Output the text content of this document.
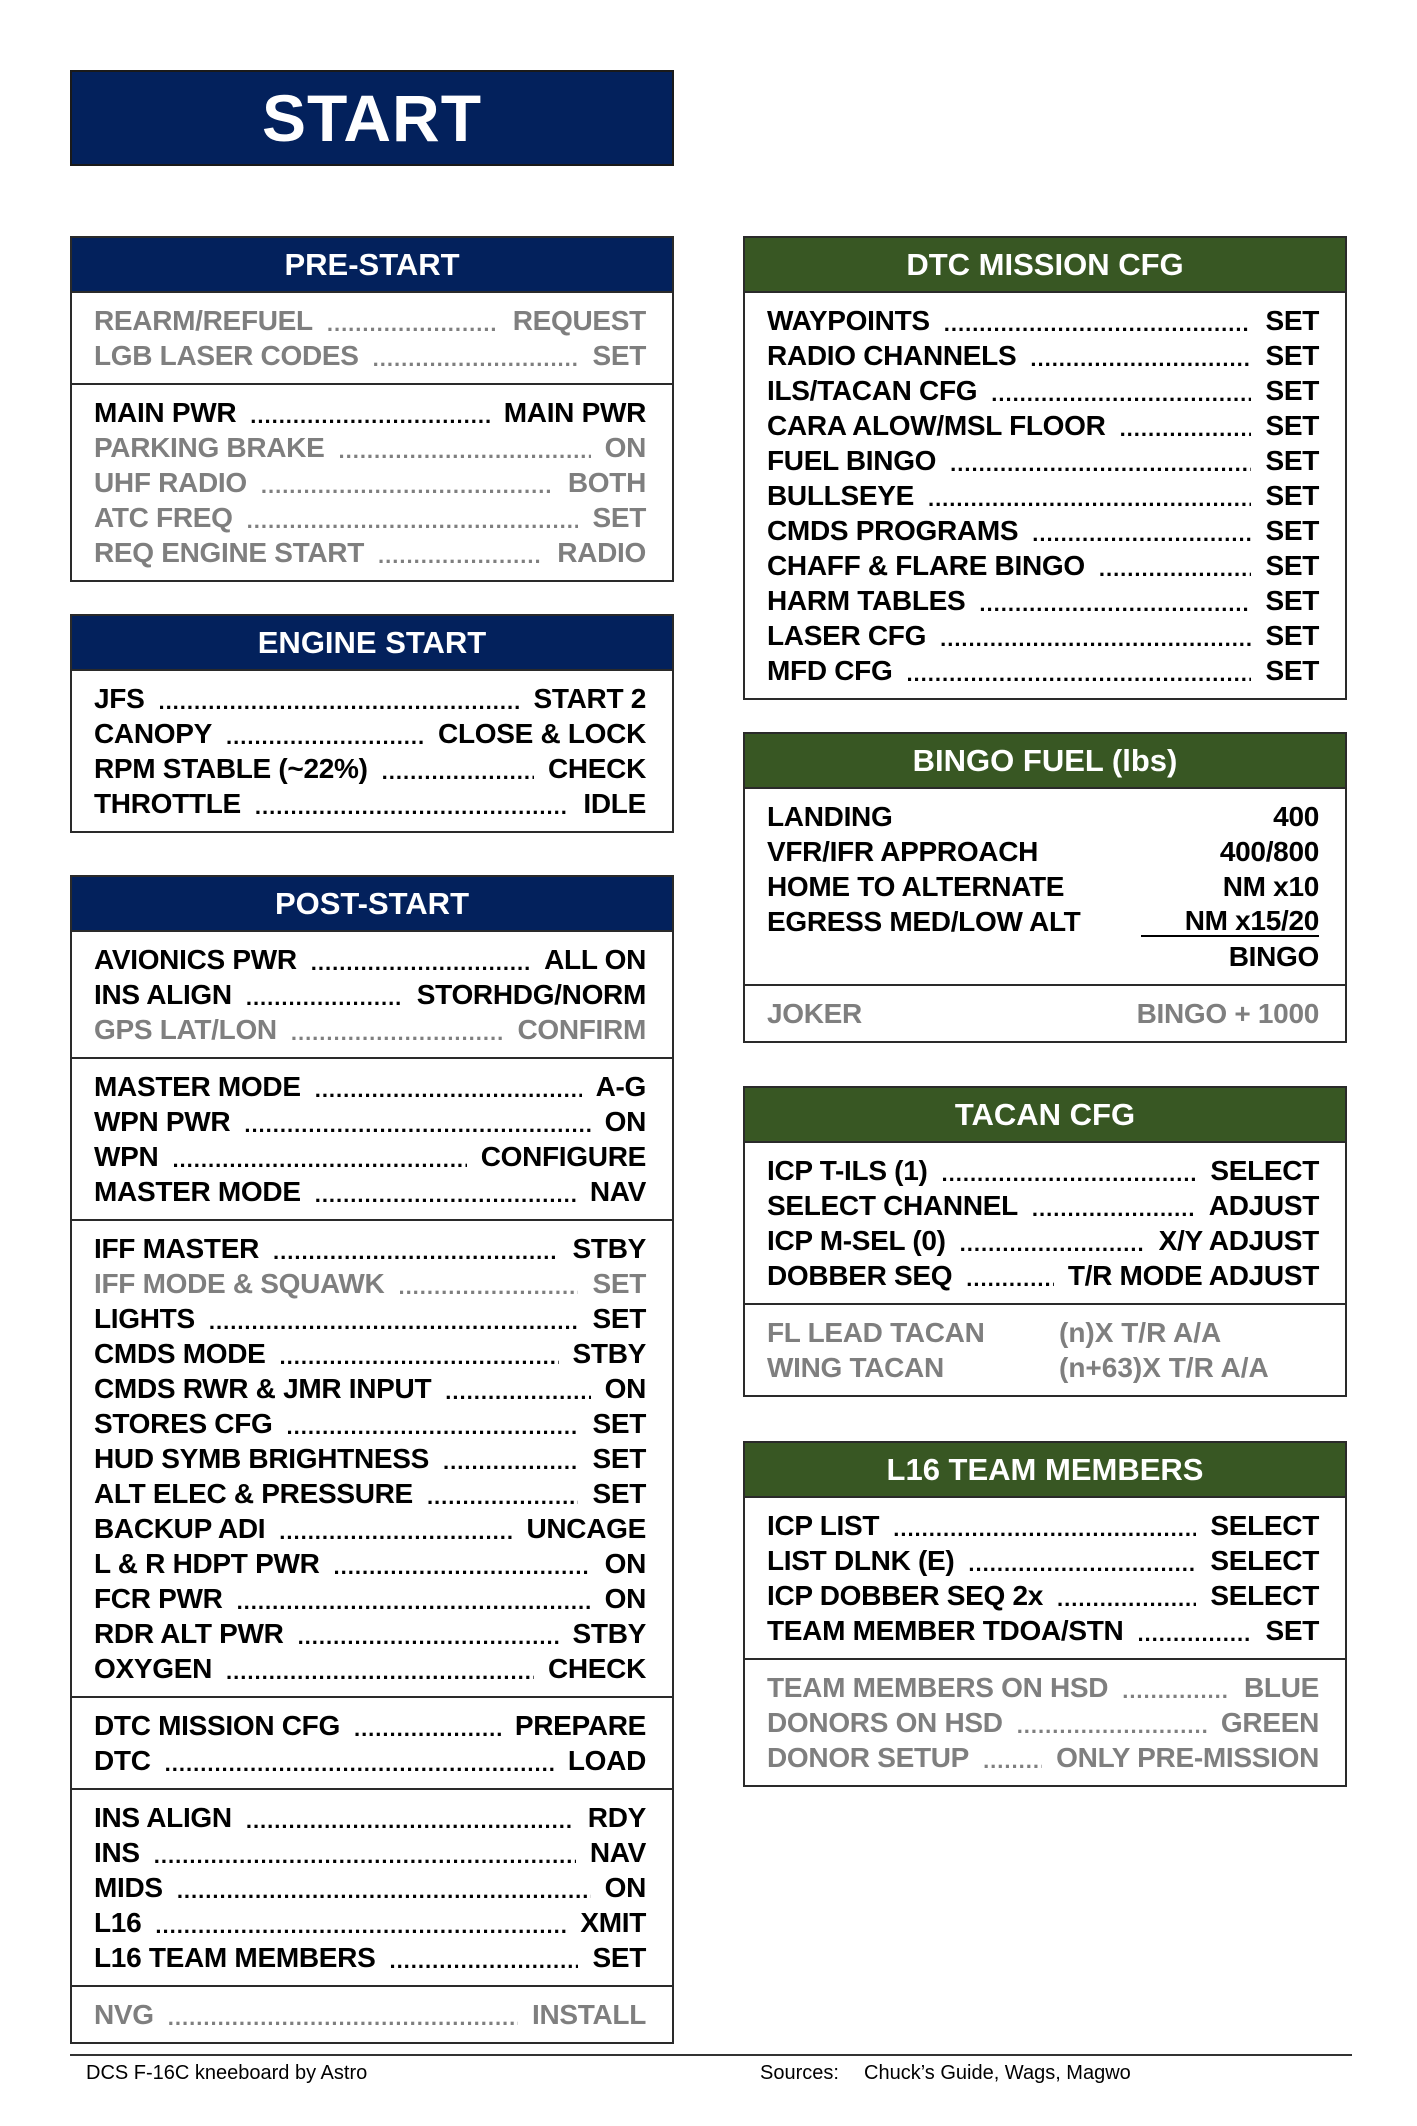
START
PRE-START
REARM/REFUEL .....	REQUEST
LGB LASER CODES .....	SET
MAIN PWR .....	MAIN PWR
PARKING BRAKE .....	ON
UHF RADIO .....	BOTH
ATC FREQ .....	SET
REQ ENGINE START .....	RADIO
ENGINE START
JFS .....	START 2
CANOPY .....	CLOSE & LOCK
RPM STABLE (~22%) .....	CHECK
THROTTLE .....	IDLE
POST-START
AVIONICS PWR .....	ALL ON
INS ALIGN .....	STORHDG/NORM
GPS LAT/LON .....	CONFIRM
MASTER MODE .....	A-G
WPN PWR .....	ON
WPN .....	CONFIGURE
MASTER MODE .....	NAV
IFF MASTER .....	STBY
IFF MODE & SQUAWK .....	SET
LIGHTS .....	SET
CMDS MODE .....	STBY
CMDS RWR & JMR INPUT .....	ON
STORES CFG .....	SET
HUD SYMB BRIGHTNESS .....	SET
ALT ELEC & PRESSURE .....	SET
BACKUP ADI .....	UNCAGE
L & R HDPT PWR .....	ON
FCR PWR .....	ON
RDR ALT PWR .....	STBY
OXYGEN .....	CHECK
DTC MISSION CFG .....	PREPARE
DTC .....	LOAD
INS ALIGN .....	RDY
INS .....	NAV
MIDS .....	ON
L16 .....	XMIT
L16 TEAM MEMBERS .....	SET
NVG .....	INSTALL
DTC MISSION CFG
WAYPOINTS .....	SET
RADIO CHANNELS .....	SET
ILS/TACAN CFG .....	SET
CARA ALOW/MSL FLOOR .....	SET
FUEL BINGO .....	SET
BULLSEYE .....	SET
CMDS PROGRAMS .....	SET
CHAFF & FLARE BINGO .....	SET
HARM TABLES .....	SET
LASER CFG .....	SET
MFD CFG .....	SET
BINGO FUEL (lbs)
LANDING	400
VFR/IFR APPROACH	400/800
HOME TO ALTERNATE	NM x10
EGRESS MED/LOW ALT	NM x15/20
BINGO
JOKER	BINGO + 1000
TACAN CFG
ICP T-ILS (1) .....	SELECT
SELECT CHANNEL .....	ADJUST
ICP M-SEL (0) .....	X/Y ADJUST
DOBBER SEQ .....	T/R MODE ADJUST
FL LEAD TACAN	(n)X T/R A/A
WING TACAN	(n+63)X T/R A/A
L16 TEAM MEMBERS
ICP LIST .....	SELECT
LIST DLNK (E) .....	SELECT
ICP DOBBER SEQ 2x .....	SELECT
TEAM MEMBER TDOA/STN .....	SET
TEAM MEMBERS ON HSD .....	BLUE
DONORS ON HSD .....	GREEN
DONOR SETUP .....	ONLY PRE-MISSION
DCS F-16C kneeboard by Astro	Sources: Chuck’s Guide, Wags, Magwo
